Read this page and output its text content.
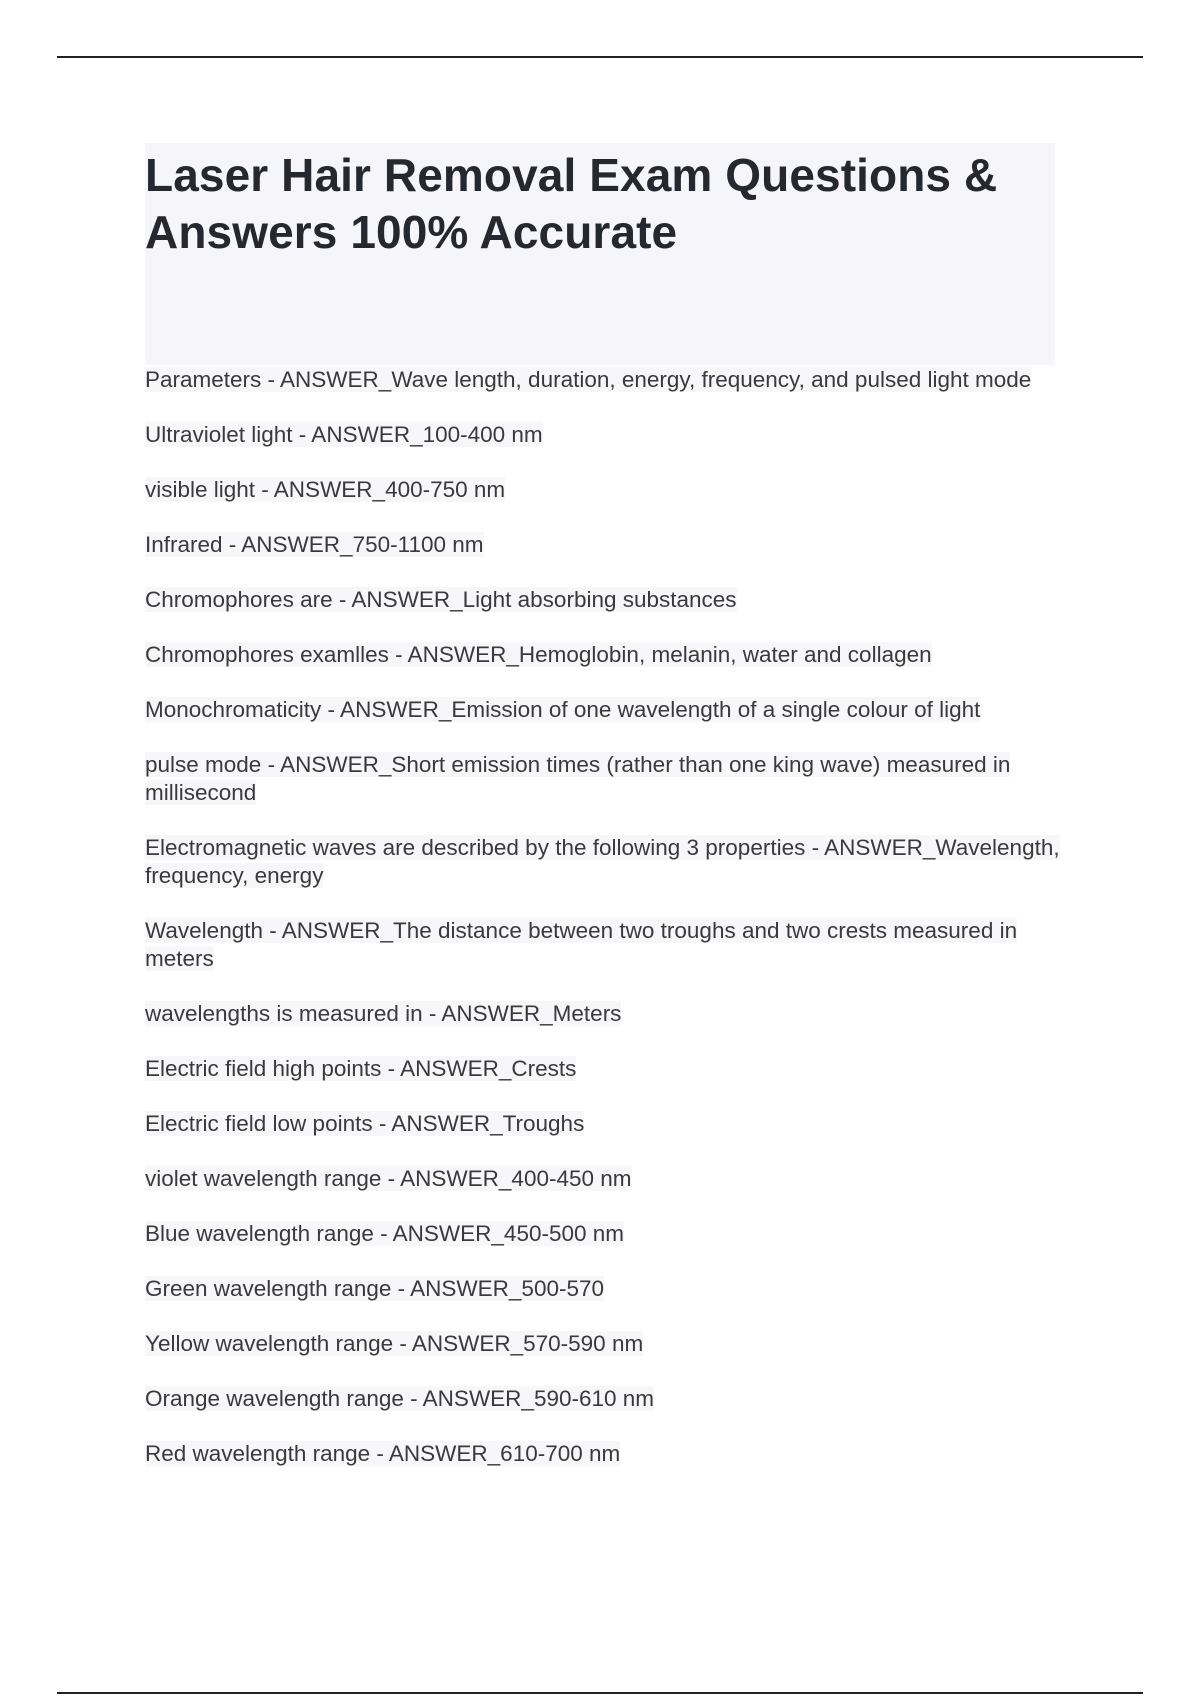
Laser Hair Removal Exam Questions & Answers 100% Accurate
Parameters - ANSWER_Wave length, duration, energy, frequency, and pulsed light mode
Ultraviolet light - ANSWER_100-400 nm
visible light - ANSWER_400-750 nm
Infrared - ANSWER_750-1100 nm
Chromophores are - ANSWER_Light absorbing substances
Chromophores examlles - ANSWER_Hemoglobin, melanin, water and collagen
Monochromaticity - ANSWER_Emission of one wavelength of a single colour of light
pulse mode - ANSWER_Short emission times (rather than one king wave) measured in millisecond
Electromagnetic waves are described by the following 3 properties - ANSWER_Wavelength, frequency, energy
Wavelength - ANSWER_The distance between two troughs and two crests measured in meters
wavelengths is measured in - ANSWER_Meters
Electric field high points - ANSWER_Crests
Electric field low points - ANSWER_Troughs
violet wavelength range - ANSWER_400-450 nm
Blue wavelength range - ANSWER_450-500 nm
Green wavelength range - ANSWER_500-570
Yellow wavelength range - ANSWER_570-590 nm
Orange wavelength range - ANSWER_590-610 nm
Red wavelength range - ANSWER_610-700 nm
